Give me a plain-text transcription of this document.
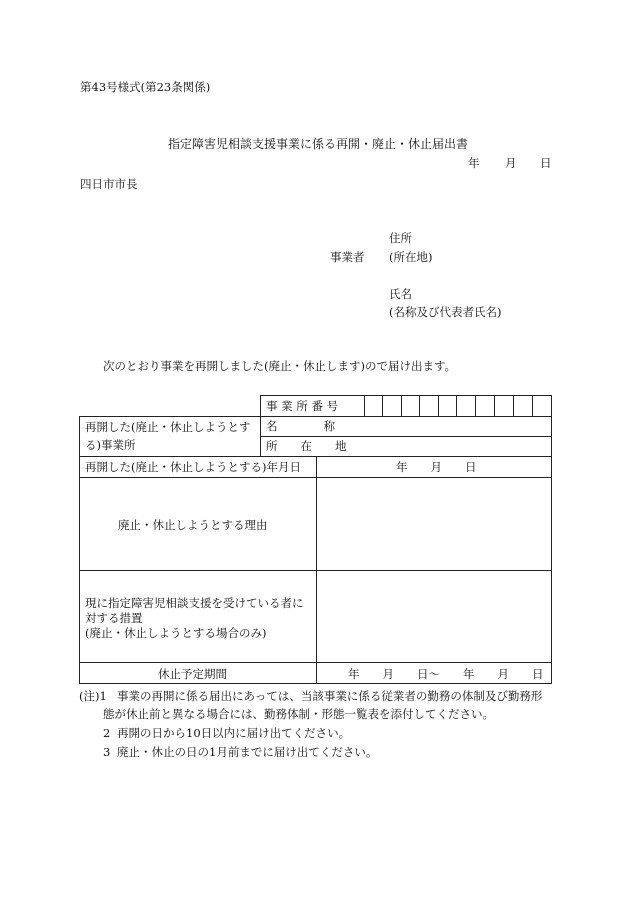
第43号様式(第23条関係)
指定障害児相談支援事業に係る再開・廃止・休止届出書
年 月 日
四日市市長
住所
事業者 (所在地)
氏名
(名称及び代表者氏名)
次のとおり事業を再開しました(廃止・休止します)ので届け出ます。
事 業 所 番 号
再開した(廃止・休止しようとす
る)事業所
名　　　　称
所　　在　　地
再開した(廃止・休止しようとする)年月日	年　　月　　日
廃止・休止しようとする理由
現に指定障害児相談支援を受けている者に
対する措置
(廃止・休止しようとする場合のみ)
休止予定期間	年　　月　　日〜　　年　　月　　日
(注)1 事業の再開に係る届出にあっては、当該事業に係る従業者の勤務の体制及び勤務形
態が休止前と異なる場合には、勤務体制・形態一覧表を添付してください。
2 再開の日から10日以内に届け出てください。
3 廃止・休止の日の1月前までに届け出てください。
